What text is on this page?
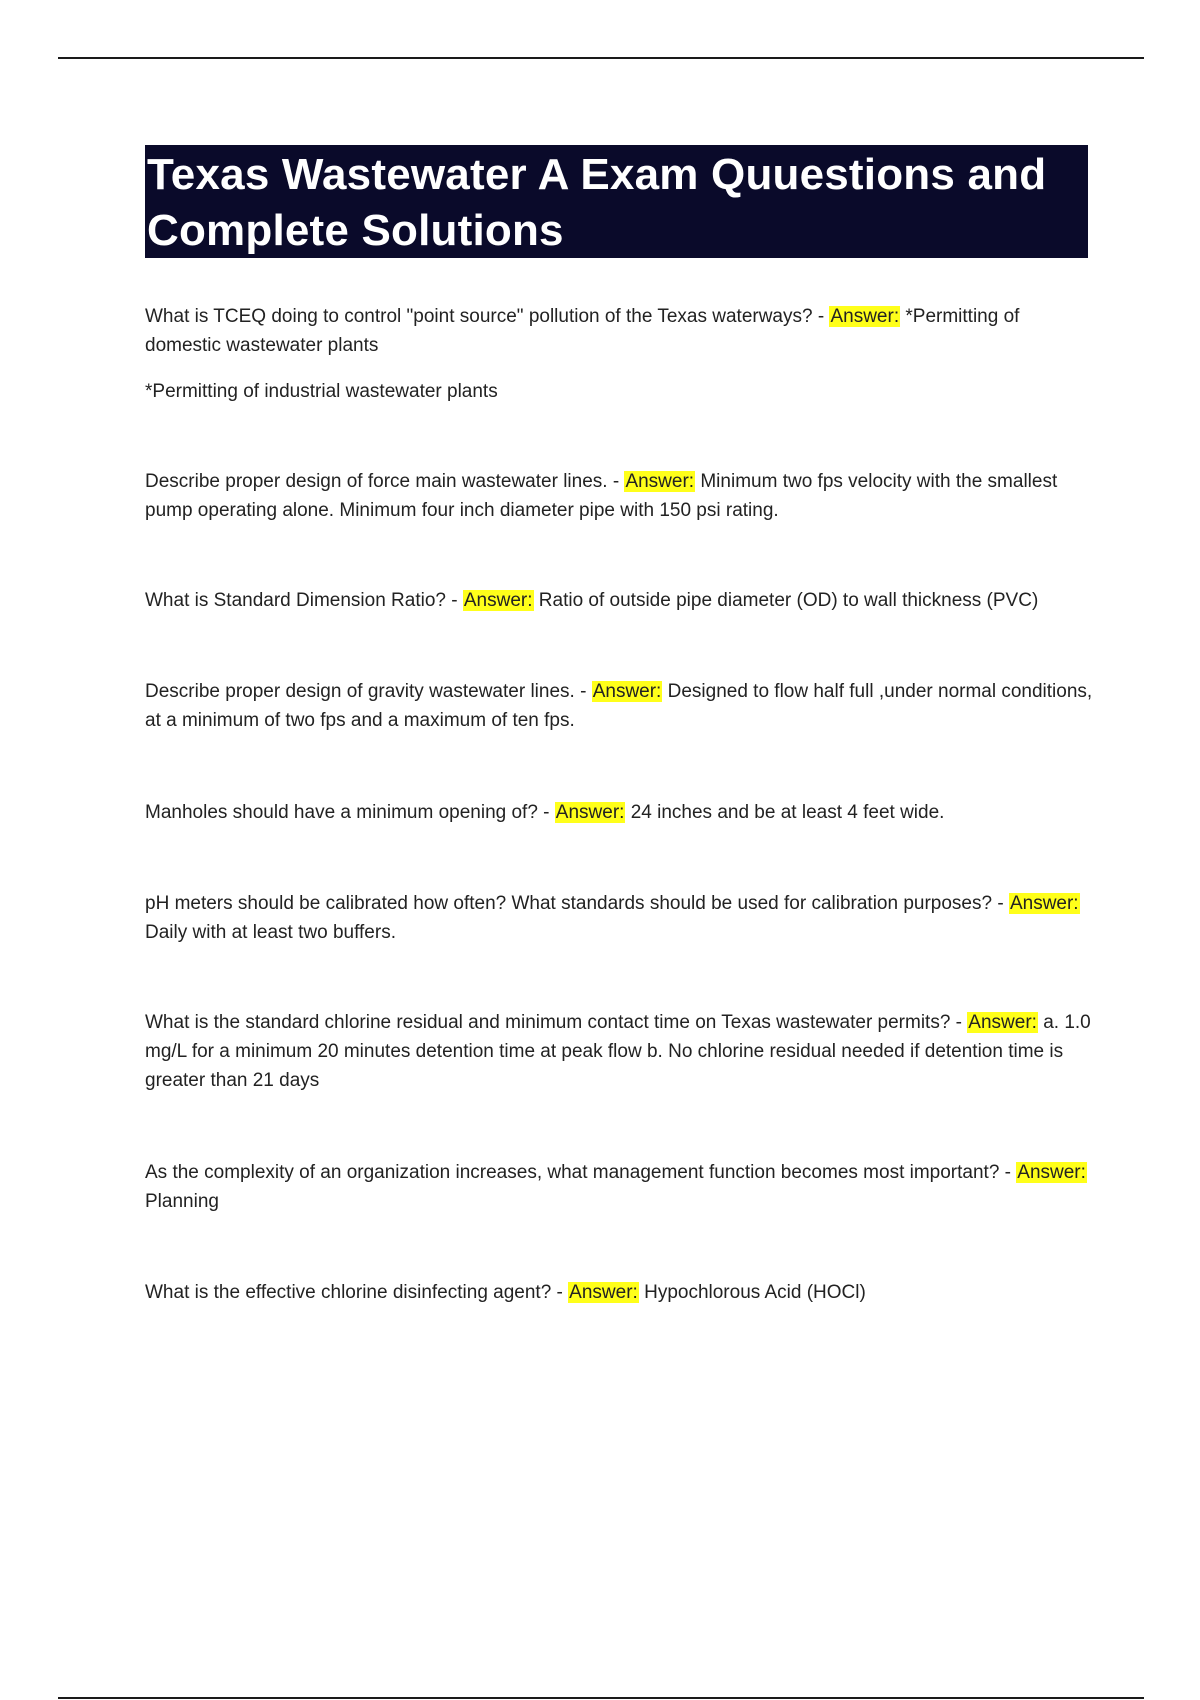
Texas Wastewater A Exam Quuestions and Complete Solutions

What is TCEQ doing to control "point source" pollution of the Texas waterways? - Answer: *Permitting of domestic wastewater plants

*Permitting of industrial wastewater plants

Describe proper design of force main wastewater lines. - Answer: Minimum two fps velocity with the smallest pump operating alone. Minimum four inch diameter pipe with 150 psi rating.

What is Standard Dimension Ratio? - Answer: Ratio of outside pipe diameter (OD) to wall thickness (PVC)

Describe proper design of gravity wastewater lines. - Answer: Designed to flow half full ,under normal conditions, at a minimum of two fps and a maximum of ten fps.

Manholes should have a minimum opening of? - Answer: 24 inches and be at least 4 feet wide.

pH meters should be calibrated how often? What standards should be used for calibration purposes? - Answer: Daily with at least two buffers.

What is the standard chlorine residual and minimum contact time on Texas wastewater permits? - Answer: a. 1.0 mg/L for a minimum 20 minutes detention time at peak flow b. No chlorine residual needed if detention time is greater than 21 days

As the complexity of an organization increases, what management function becomes most important? - Answer: Planning

What is the effective chlorine disinfecting agent? - Answer: Hypochlorous Acid (HOCl)
